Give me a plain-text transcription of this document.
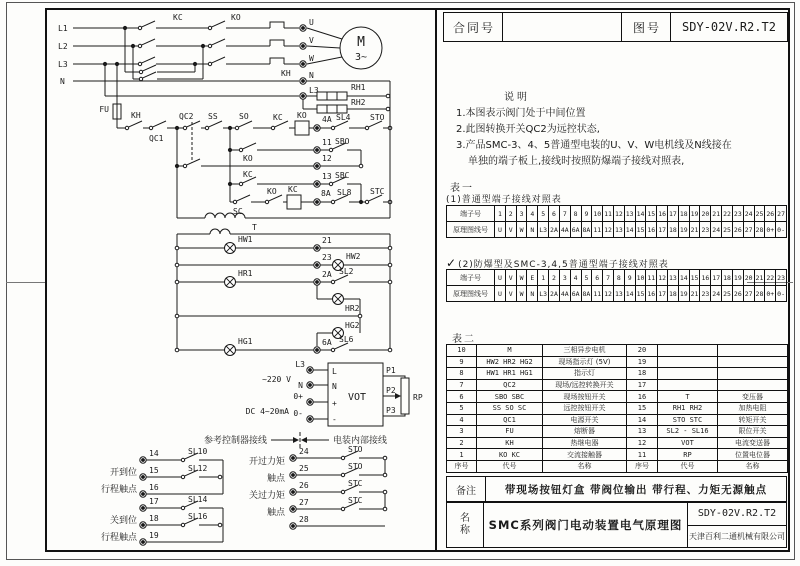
合同号	图号	SDY-02V.R2.T2
说明
1.本图表示阀门处于中间位置
2.此图转换开关QC2为远控状态,
3.产品SMC-3、4、5普通型电装的U、V、W电机线及N线接在
单独的端子板上,接线时按照防爆端子接线对照表,
表一
(1)普通型端子接线对照表
端子号	1	2	3	4	5	6	7	8	9 10 11 12 13 14 15 16 17 18 19 20 21 22 23 24 25 26 27
原理图线号	U	V	W	N L3 2A 4A 6A 8A 11 12 13 14 15 16 17 18 19 21 23 24 25 26 27 28 0+ 0-
✓(2)防爆型及SMC-3,4,5普通型端子接线对照表
端子号	U	V	W	E	1	2	3	4	5	6	7	8	9 10 11 12 13 14 15 16 17 18 19 20 21 22 23
原理图线号	U	V	W	N L3 2A 4A 6A 8A 11 12 13 14 15 16 17 18 19 21 23 24 25 26 27 28 0+ 0-
表二
10	M	三相异步电机	20
9	HW2 HR2 HG2	现场指示灯 (5V)	19
8	HW1 HR1 HG1	指示灯	18
7	QC2	现场/远控转换开关	17
6	SBO SBC	现场按钮开关	16	T	变压器
5	SS SO SC	远控按钮开关	15	RH1 RH2	加热电阻
4	QC1	电源开关	14	STO STC	转矩开关
3	FU	熔断器	13	SL2 - SL16	限位开关
2	KH	热继电器	12	VOT	电流变送器
1	KO KC	交流接触器	11	RP	位置电位器
序号	代号	名称	序号	代号	名称
备注	带现场按钮灯盒 带阀位输出 带行程、力矩无源触点
名
称	SMC系列阀门电动装置电气原理图
SDY-02V.R2.T2
天津百利二通机械有限公司
L1
L2
L3
N
KC	KO
KH
U
V
W
N
M
3~
L3	RH1
RH2
FU
KH
QC1
QC2 SS	SO	KC KO 4A SL4 STO
KO
11 SBO
12
KC	13 SBC
SC
KO KC	8A SL8 STC
T
HW1	21
23 HW2
HR1	2A SL2
HR2
HG2
HG1	6A SL6
L3
N
0+
0-
~220 V
DC 4~20mA
L
N
+
-
VOT
P1
P2
P3
RP
参考控制器接线	电装内部接线
开到位
行程触点
14	SL10
15	SL12
16
关到位
行程触点
17	SL14
18	SL16
19
开过力矩
触点
24	STO
25	STO
关过力矩
触点
26	STC
27	STC
28
